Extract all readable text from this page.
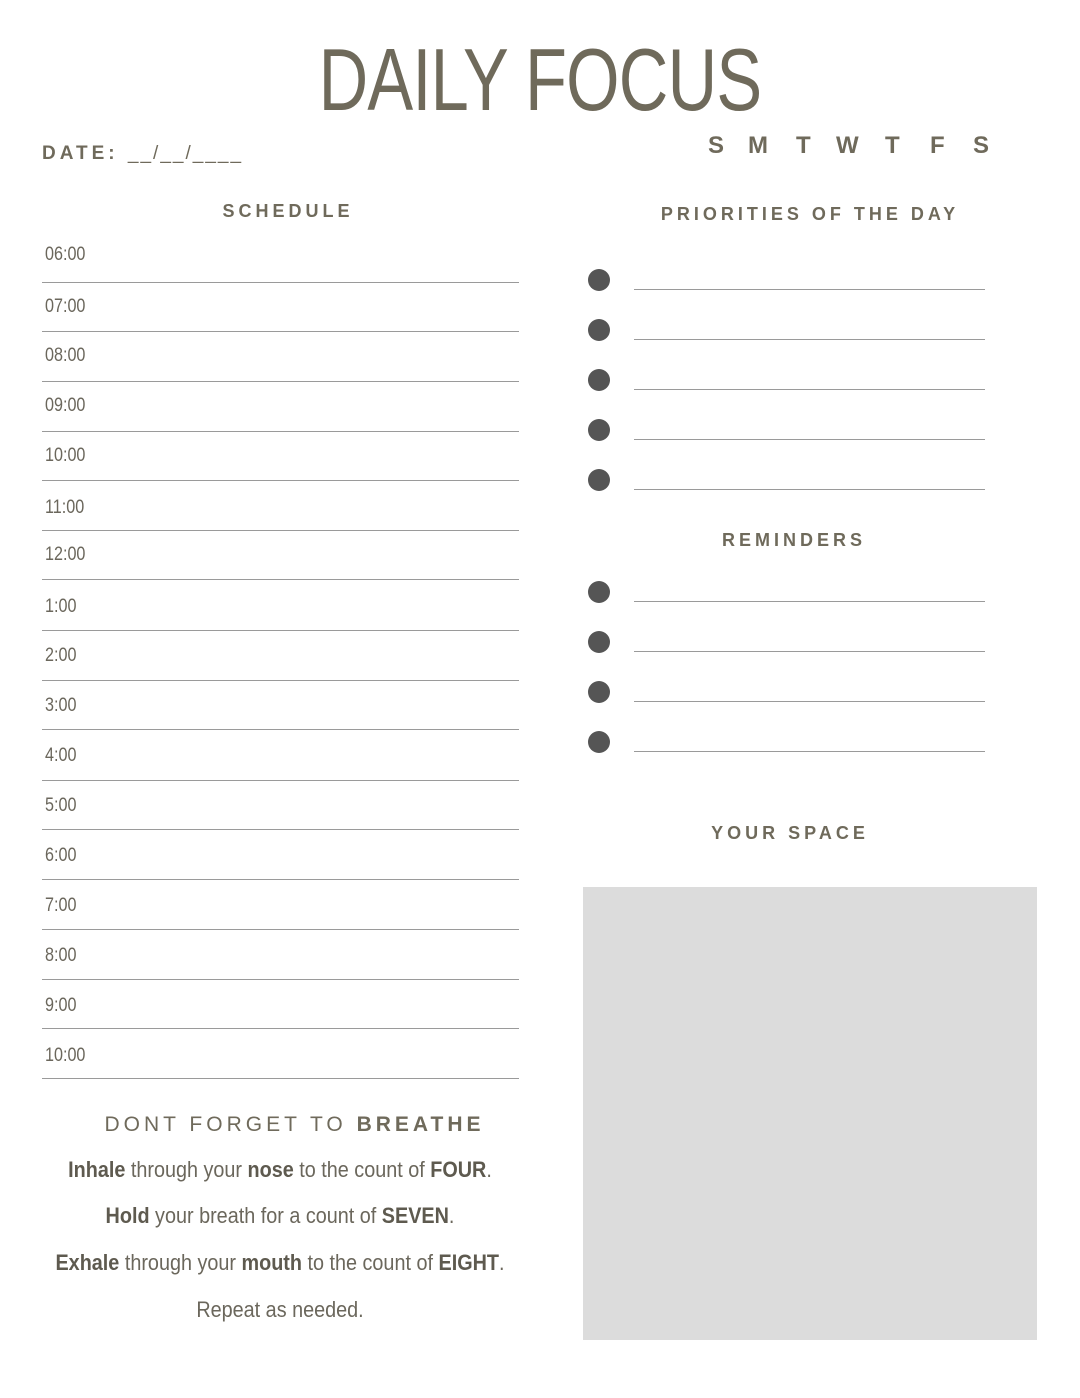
DAILY FOCUS
DATE: __/__/____	S M T W T F S
SCHEDULE	PRIORITIES OF THE DAY
REMINDERS
YOUR SPACE
06:00
07:00
08:00
09:00
10:00
11:00
12:00
1:00
2:00
3:00
4:00
5:00
6:00
7:00
8:00
9:00
10:00
DONT FORGET TO BREATHE
Inhale through your nose to the count of FOUR.
Hold your breath for a count of SEVEN.
Exhale through your mouth to the count of EIGHT.
Repeat as needed.
